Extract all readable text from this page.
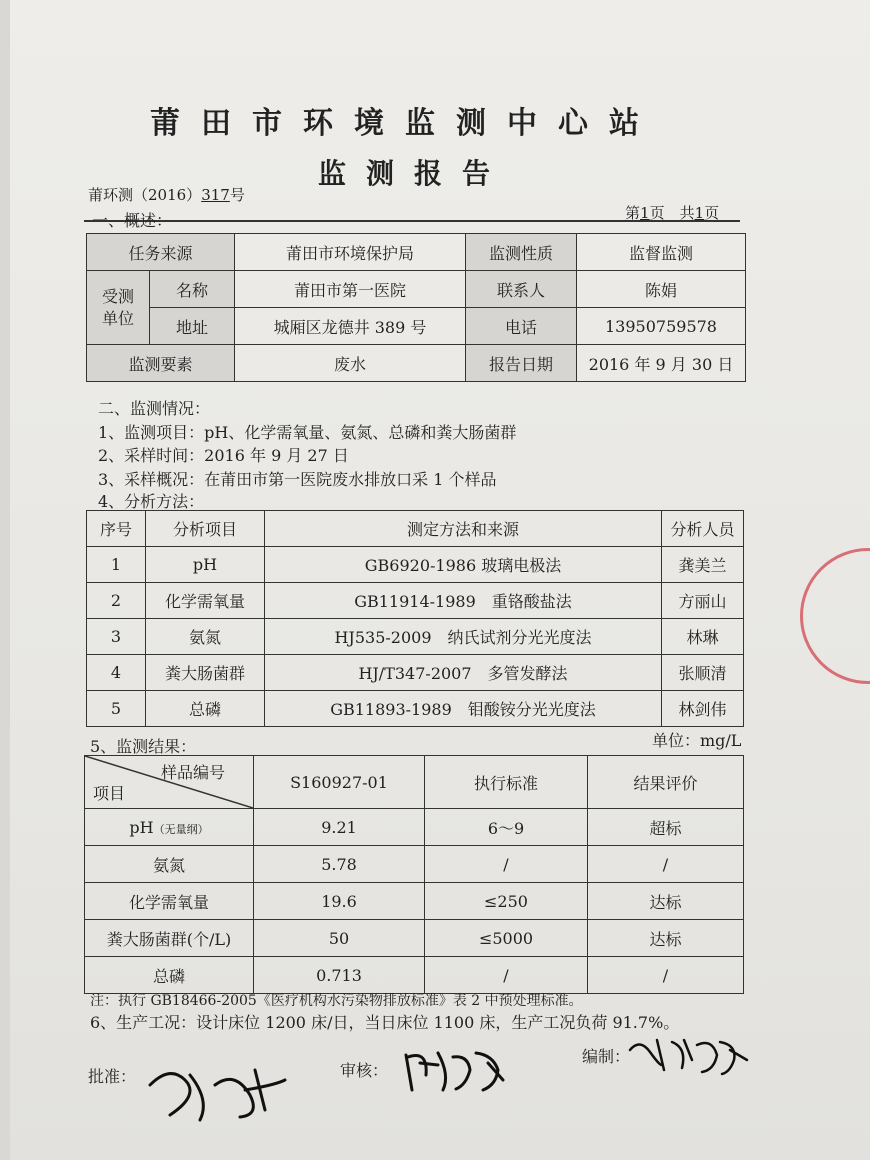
莆田市环境监测中心站
监测报告
莆环测（2016）317号
第1页　共1页
一、概述：
任务来源		莆田市环境保护局	监测性质	监督监测
受测单位	名称	莆田市第一医院	联系人	陈娟
	地址	城厢区龙德井 389 号	电话	13950759578
监测要素		废水	报告日期	2016 年 9 月 30 日
二、监测情况：
1、监测项目：pH、化学需氧量、氨氮、总磷和粪大肠菌群
2、采样时间：2016 年 9 月 27 日
3、采样概况：在莆田市第一医院废水排放口采 1 个样品
4、分析方法：
序号	分析项目	测定方法和来源	分析人员
1	pH	GB6920-1986 玻璃电极法	龚美兰
2	化学需氧量	GB11914-1989　重铬酸盐法	方丽山
3	氨氮	HJ535-2009　纳氏试剂分光光度法	林琳
4	粪大肠菌群	HJ/T347-2007　多管发酵法	张顺清
5	总磷	GB11893-1989　钼酸铵分光光度法	林剑伟
5、监测结果：	单位：mg/L
样品编号
项目	S160927-01	执行标准	结果评价
pH（无量纲）	9.21	6～9	超标
氨氮	5.78	/	/
化学需氧量	19.6	≤250	达标
粪大肠菌群(个/L)	50	≤5000	达标
总磷	0.713	/	/
注：执行 GB18466-2005《医疗机构水污染物排放标准》表 2 中预处理标准。
6、生产工况：设计床位 1200 床/日，当日床位 1100 床，生产工况负荷 91.7%。
批准：	审核：
编制：
